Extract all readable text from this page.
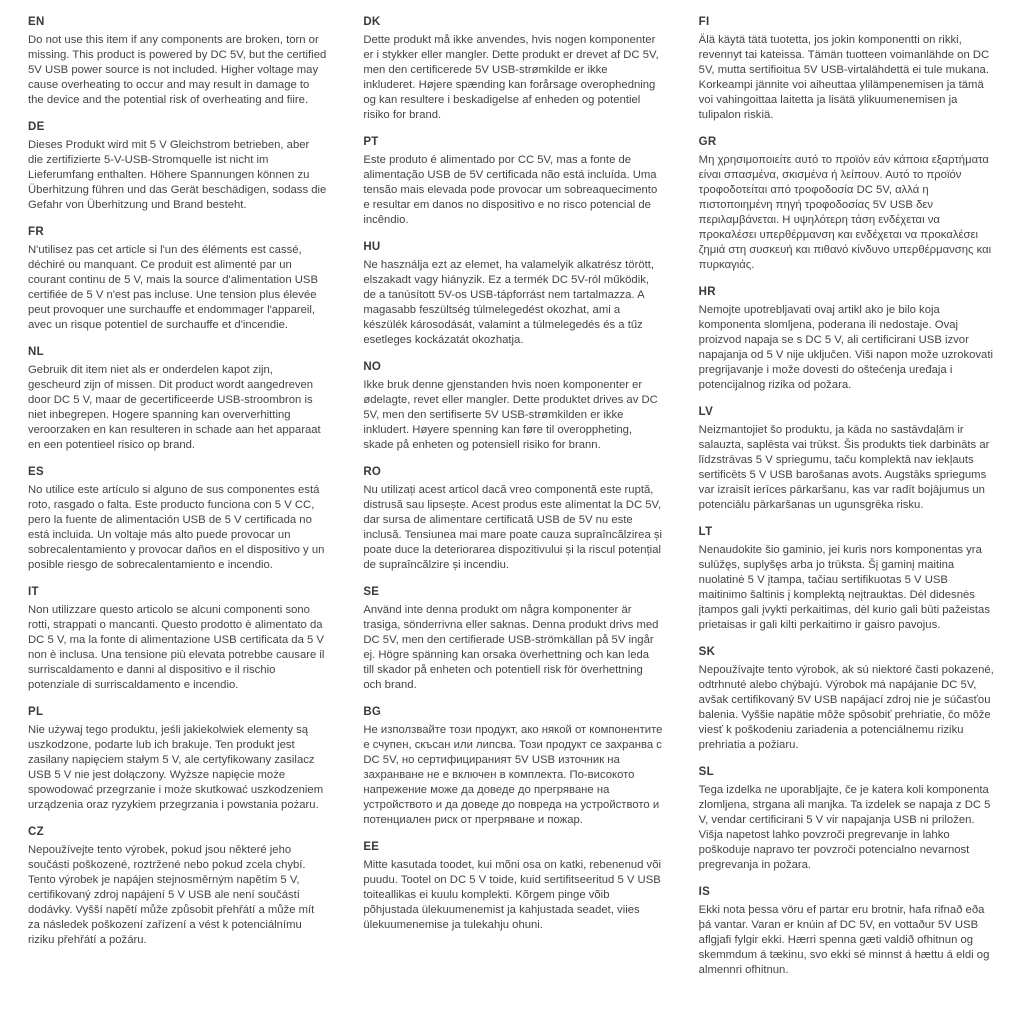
EN

Do not use this item if any components are broken, torn or missing. This product is powered by DC 5V, but the certified 5V USB power source is not included. Higher voltage may cause overheating to occur and may result in damage to the device and the potential risk of overheating and fiire.

DE

Dieses Produkt wird mit 5 V Gleichstrom betrieben, aber die zertifizierte 5-V-USB-Stromquelle ist nicht im Lieferumfang enthalten. Höhere Spannungen können zu Überhitzung führen und das Gerät beschädigen, sodass die Gefahr von Überhitzung und Brand besteht.

FR

N'utilisez pas cet article si l'un des éléments est cassé, déchiré ou manquant. Ce produit est alimenté par un courant continu de 5 V, mais la source d'alimentation USB certifiée de 5 V n'est pas incluse. Une tension plus élevée peut provoquer une surchauffe et endommager l'appareil, avec un risque potentiel de surchauffe et d'incendie.

NL

Gebruik dit item niet als er onderdelen kapot zijn, gescheurd zijn of missen. Dit product wordt aangedreven door DC 5 V, maar de gecertificeerde USB-stroombron is niet inbegrepen. Hogere spanning kan oververhitting veroorzaken en kan resulteren in schade aan het apparaat en een potentieel risico op brand.

ES

No utilice este artículo si alguno de sus componentes está roto, rasgado o falta. Este producto funciona con 5 V CC, pero la fuente de alimentación USB de 5 V certificada no está incluida. Un voltaje más alto puede provocar un sobrecalentamiento y provocar daños en el dispositivo y un posible riesgo de sobrecalentamiento e incendio.

IT

Non utilizzare questo articolo se alcuni componenti sono rotti, strappati o mancanti. Questo prodotto è alimentato da DC 5 V, ma la fonte di alimentazione USB certificata da 5 V non è inclusa. Una tensione più elevata potrebbe causare il surriscaldamento e danni al dispositivo e il rischio potenziale di surriscaldamento e incendio.

PL

Nie używaj tego produktu, jeśli jakiekolwiek elementy są uszkodzone, podarte lub ich brakuje. Ten produkt jest zasilany napięciem stałym 5 V, ale certyfikowany zasilacz USB 5 V nie jest dołączony. Wyższe napięcie może spowodować przegrzanie i może skutkować uszkodzeniem urządzenia oraz ryzykiem przegrzania i powstania pożaru.

CZ

Nepoužívejte tento výrobek, pokud jsou některé jeho součásti poškozené, roztržené nebo pokud zcela chybí. Tento výrobek je napájen stejnosměrným napětím 5 V, certifikovaný zdroj napájení 5 V USB ale není součástí dodávky. Vyšší napětí může způsobit přehřátí a může mít za následek poškození zařízení a vést k potenciálnímu riziku přehřátí a požáru.

DK

Dette produkt må ikke anvendes, hvis nogen komponenter er i stykker eller mangler. Dette produkt er drevet af DC 5V, men den certificerede 5V USB-strømkilde er ikke inkluderet. Højere spænding kan forårsage overophedning og kan resultere i beskadigelse af enheden og potentiel risiko for brand.

PT

Este produto é alimentado por CC 5V, mas a fonte de alimentação USB de 5V certificada não está incluída. Uma tensão mais elevada pode provocar um sobreaquecimento e resultar em danos no dispositivo e no risco potencial de incêndio.

HU

Ne használja ezt az elemet, ha valamelyik alkatrész törött, elszakadt vagy hiányzik. Ez a termék DC 5V-ról működik, de a tanúsított 5V-os USB-tápforrást nem tartalmazza. A magasabb feszültség túlmelegedést okozhat, ami a készülék károsodását, valamint a túlmelegedés és a tűz esetleges kockázatát okozhatja.

NO

Ikke bruk denne gjenstanden hvis noen komponenter er ødelagte, revet eller mangler. Dette produktet drives av DC 5V, men den sertifiserte 5V USB-strømkilden er ikke inkludert. Høyere spenning kan føre til overoppheting, skade på enheten og potensiell risiko for brann.

RO

Nu utilizați acest articol dacă vreo componentă este ruptă, distrusă sau lipsește. Acest produs este alimentat la DC 5V, dar sursa de alimentare certificată USB de 5V nu este inclusă. Tensiunea mai mare poate cauza supraîncălzirea și poate duce la deteriorarea dispozitivului și la riscul potențial de supraîncălzire și incendiu.

SE

Använd inte denna produkt om några komponenter är trasiga, sönderrivna eller saknas. Denna produkt drivs med DC 5V, men den certifierade USB-strömkällan på 5V ingår ej. Högre spänning kan orsaka överhettning och kan leda till skador på enheten och potentiell risk för överhettning och brand.

BG

Не използвайте този продукт, ако някой от компонентите е счупен, скъсан или липсва. Този продукт се захранва с DC 5V, но сертифицираният 5V USB източник на захранване не е включен в комплекта. По-високото напрежение може да доведе до прегряване на устройството и да доведе до повреда на устройството и потенциален риск от прегряване и пожар.

EE

Mitte kasutada toodet, kui mõni osa on katki, rebenenud või puudu. Tootel on DC 5 V toide, kuid sertifitseeritud 5 V USB toiteallikas ei kuulu komplekti. Kõrgem pinge võib põhjustada ülekuumenemist ja kahjustada seadet, viies ülekuumenemise ja tulekahju ohuni.

FI

Älä käytä tätä tuotetta, jos jokin komponentti on rikki, revennyt tai kateissa. Tämän tuotteen voimanlähde on DC 5V, mutta sertifioitua 5V USB-virtalähdettä ei tule mukana. Korkeampi jännite voi aiheuttaa ylilämpenemisen ja tämä voi vahingoittaa laitetta ja lisätä ylikuumenemisen ja tulipalon riskiä.

GR

Μη χρησιμοποιείτε αυτό το προϊόν εάν κάποια εξαρτήματα είναι σπασμένα, σκισμένα ή λείπουν. Αυτό το προϊόν τροφοδοτείται από τροφοδοσία DC 5V, αλλά η πιστοποιημένη πηγή τροφοδοσίας 5V USB δεν περιλαμβάνεται. Η υψηλότερη τάση ενδέχεται να προκαλέσει υπερθέρμανση και ενδέχεται να προκαλέσει ζημιά στη συσκευή και πιθανό κίνδυνο υπερθέρμανσης και πυρκαγιάς.

HR

Nemojte upotrebljavati ovaj artikl ako je bilo koja komponenta slomljena, poderana ili nedostaje. Ovaj proizvod napaja se s DC 5 V, ali certificirani USB izvor napajanja od 5 V nije uključen. Viši napon može uzrokovati pregrijavanje i može dovesti do oštećenja uređaja i potencijalnog rizika od požara.

LV

Neizmantojiet šo produktu, ja kāda no sastāvdaļām ir salauzta, saplēsta vai trūkst. Šis produkts tiek darbināts ar līdzstrāvas 5 V spriegumu, taču komplektā nav iekļauts sertificēts 5 V USB barošanas avots. Augstāks spriegums var izraisīt ierīces pārkaršanu, kas var radīt bojājumus un potenciālu pārkaršanas un ugunsgrēka risku.

LT

Nenaudokite šio gaminio, jei kuris nors komponentas yra sulūžęs, suplyšęs arba jo trūksta. Šį gaminį maitina nuolatinė 5 V įtampa, tačiau sertifikuotas 5 V USB maitinimo šaltinis į komplektą neįtrauktas. Dėl didesnės įtampos gali įvykti perkaitimas, dėl kurio gali būti pažeistas prietaisas ir gali kilti perkaitimo ir gaisro pavojus.

SK

Nepoužívajte tento výrobok, ak sú niektoré časti pokazené, odtrhnuté alebo chýbajú. Výrobok má napájanie DC 5V, avšak certifikovaný 5V USB napájací zdroj nie je súčasťou balenia. Vyššie napätie môže spôsobiť prehriatie, čo môže viesť k poškodeniu zariadenia a potenciálnemu riziku prehriatia a požiaru.

SL

Tega izdelka ne uporabljajte, če je katera koli komponenta zlomljena, strgana ali manjka. Ta izdelek se napaja z DC 5 V, vendar certificirani 5 V vir napajanja USB ni priložen. Višja napetost lahko povzroči pregrevanje in lahko poškoduje napravo ter povzroči potencialno nevarnost pregrevanja in požara.

IS

Ekki nota þessa vöru ef partar eru brotnir, hafa rifnað eða þá vantar. Varan er knúin af DC 5V, en vottaður 5V USB aflgjafi fylgir ekki. Hærri spenna gæti valdið ofhitnun og skemmdum á tækinu, svo ekki sé minnst á hættu á eldi og almennri ofhitnun.
